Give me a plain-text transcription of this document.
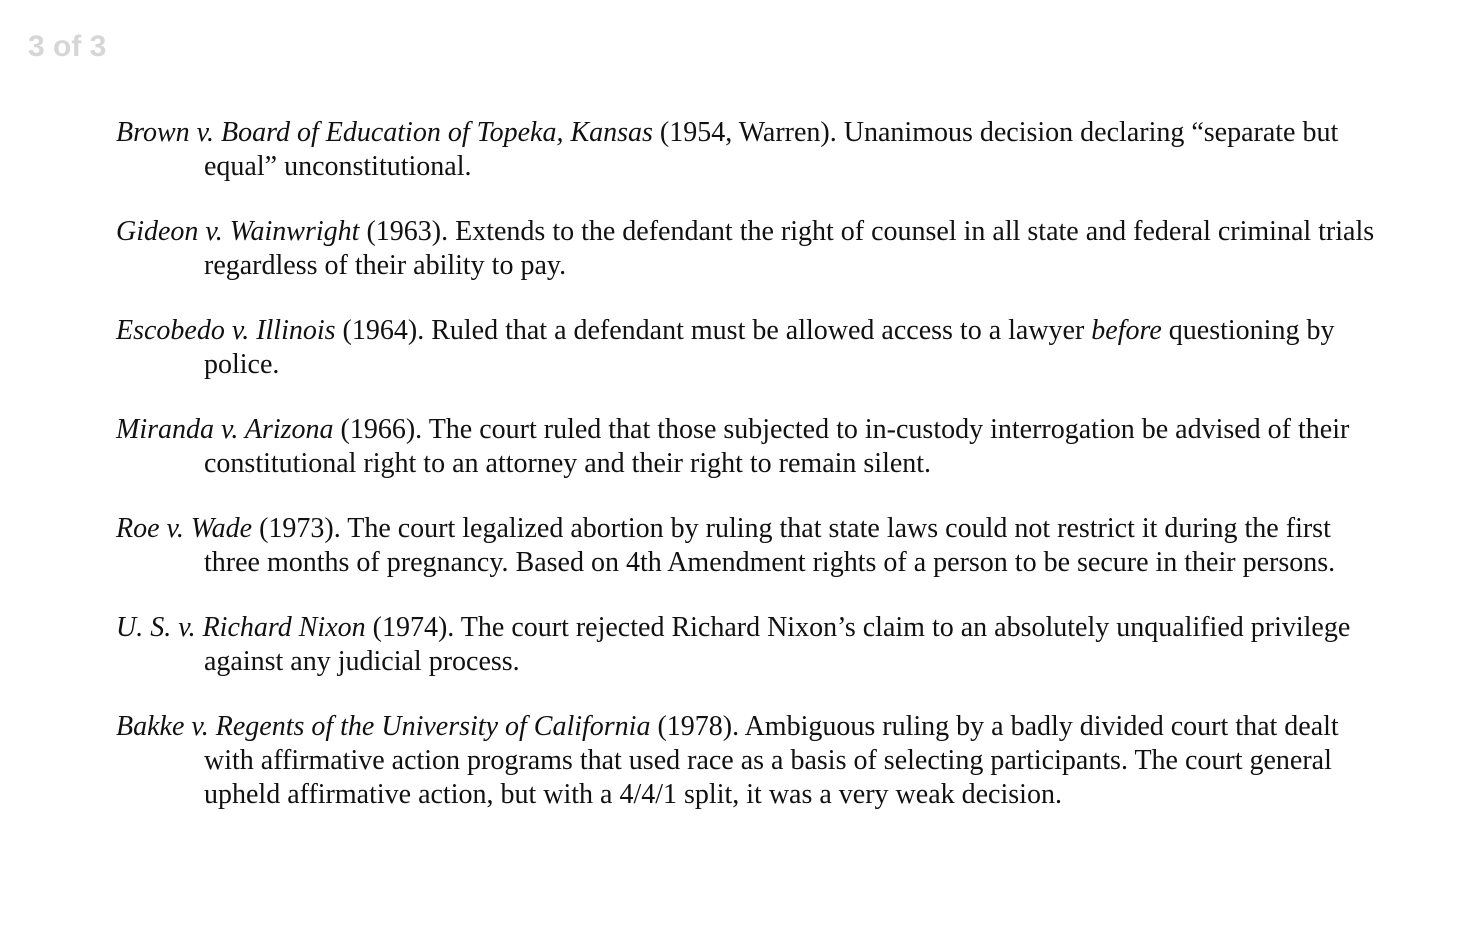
3 of 3

Brown v. Board of Education of Topeka, Kansas (1954, Warren). Unanimous decision declaring “separate but equal” unconstitutional.

Gideon v. Wainwright (1963). Extends to the defendant the right of counsel in all state and federal criminal trials regardless of their ability to pay.

Escobedo v. Illinois (1964). Ruled that a defendant must be allowed access to a lawyer before questioning by police.

Miranda v. Arizona (1966). The court ruled that those subjected to in-custody interrogation be advised of their constitutional right to an attorney and their right to remain silent.

Roe v. Wade (1973). The court legalized abortion by ruling that state laws could not restrict it during the first three months of pregnancy. Based on 4th Amendment rights of a person to be secure in their persons.

U. S. v. Richard Nixon (1974). The court rejected Richard Nixon’s claim to an absolutely unqualified privilege against any judicial process.

Bakke v. Regents of the University of California (1978). Ambiguous ruling by a badly divided court that dealt with affirmative action programs that used race as a basis of selecting participants. The court general upheld affirmative action, but with a 4/4/1 split, it was a very weak decision.
